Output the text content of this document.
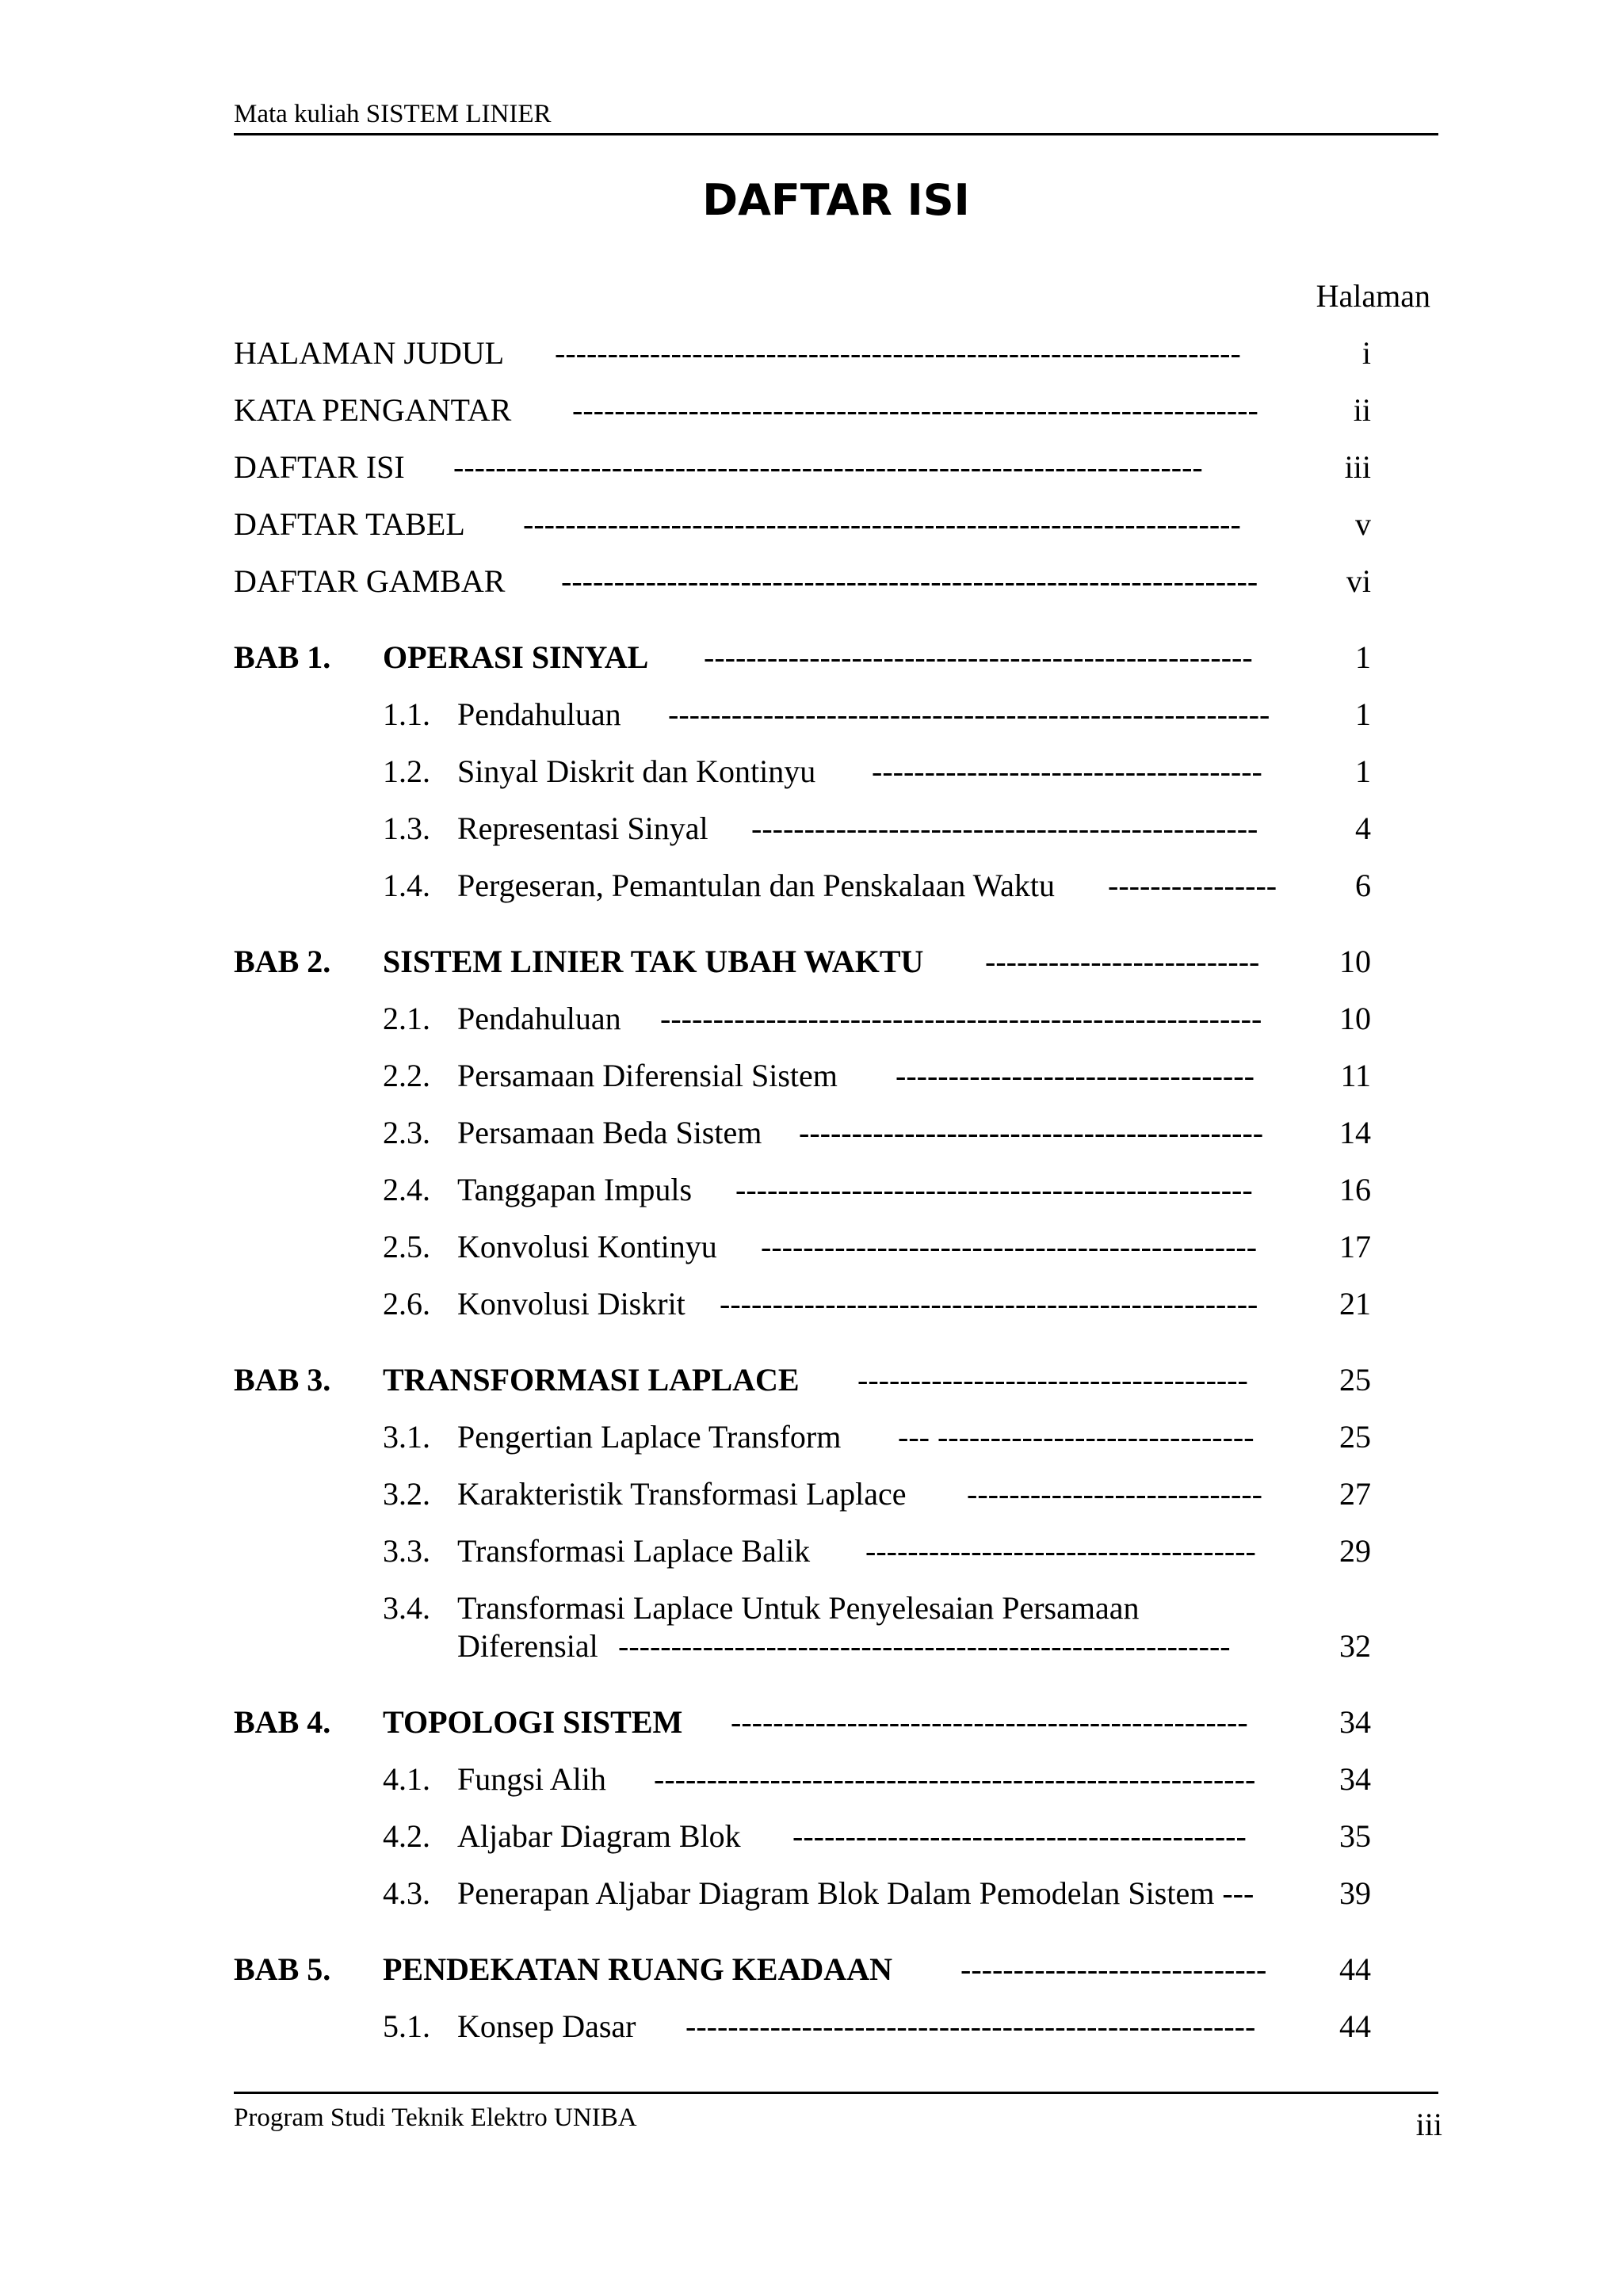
Mata kuliah SISTEM LINIER
DAFTAR ISI
Halaman
HALAMAN JUDUL -----------------------------------------------------------------	i
KATA PENGANTAR -----------------------------------------------------------------	ii
DAFTAR ISI -----------------------------------------------------------------------	iii
DAFTAR TABEL --------------------------------------------------------------------	v
DAFTAR GAMBAR ------------------------------------------------------------------	vi
BAB 1. OPERASI SINYAL ----------------------------------------------------	1
1.1. Pendahuluan ---------------------------------------------------------	1
1.2. Sinyal Diskrit dan Kontinyu -------------------------------------	1
1.3. Representasi Sinyal ------------------------------------------------	4
1.4. Pergeseran, Pemantulan dan Penskalaan Waktu ---------------- 6
BAB 2. SISTEM LINIER TAK UBAH WAKTU --------------------------	10
2.1. Pendahuluan ---------------------------------------------------------	10
2.2. Persamaan Diferensial Sistem ----------------------------------	11
2.3. Persamaan Beda Sistem --------------------------------------------	14
2.4. Tanggapan Impuls -------------------------------------------------	16
2.5. Konvolusi Kontinyu -----------------------------------------------	17
2.6. Konvolusi Diskrit ---------------------------------------------------	21
BAB 3. TRANSFORMASI LAPLACE -------------------------------------	25
3.1. Pengertian Laplace Transform --- ------------------------------	25
3.2. Karakteristik Transformasi Laplace ----------------------------	27
3.3. Transformasi Laplace Balik -------------------------------------	29
3.4. Transformasi Laplace Untuk Penyelesaian Persamaan
Diferensial ----------------------------------------------------------	32
BAB 4. TOPOLOGI SISTEM -------------------------------------------------	34
4.1. Fungsi Alih ---------------------------------------------------------	34
4.2. Aljabar Diagram Blok -------------------------------------------	35
4.3. Penerapan Aljabar Diagram Blok Dalam Pemodelan Sistem ---	39
BAB 5. PENDEKATAN RUANG KEADAAN -----------------------------	44
5.1. Konsep Dasar ------------------------------------------------------	44
Program Studi Teknik Elektro UNIBA	iii
